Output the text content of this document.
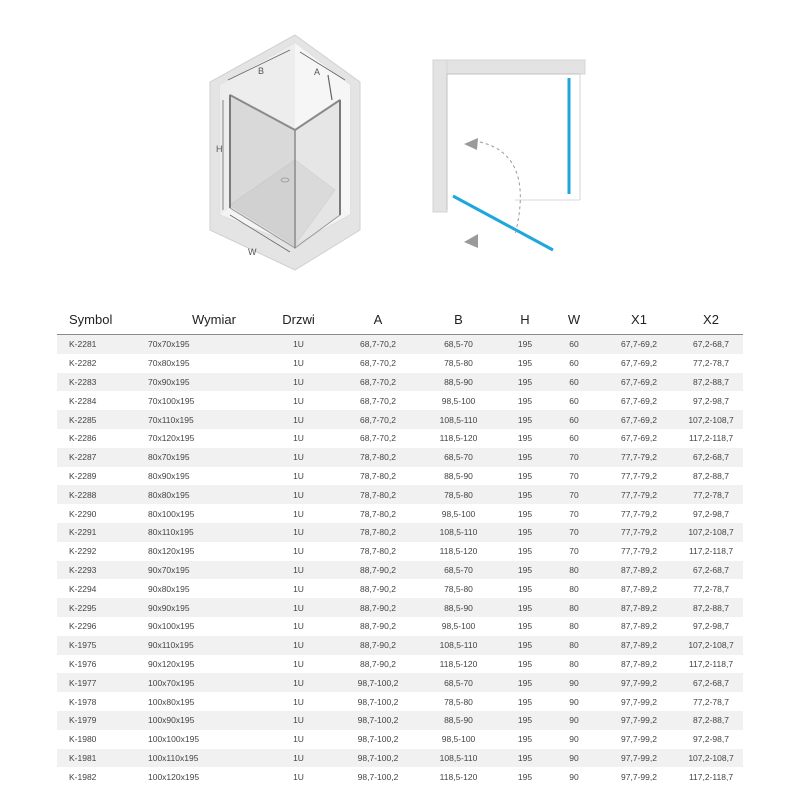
B	A
H
W
Symbol	Wymiar	Drzwi	A	B	H	W	X1	X2
K-2281	70x70x195	1U	68,7-70,2	68,5-70	195	60	67,7-69,2	67,2-68,7
K-2282	70x80x195	1U	68,7-70,2	78,5-80	195	60	67,7-69,2	77,2-78,7
K-2283	70x90x195	1U	68,7-70,2	88,5-90	195	60	67,7-69,2	87,2-88,7
K-2284	70x100x195	1U	68,7-70,2	98,5-100	195	60	67,7-69,2	97,2-98,7
K-2285	70x110x195	1U	68,7-70,2	108,5-110	195	60	67,7-69,2	107,2-108,7
K-2286	70x120x195	1U	68,7-70,2	118,5-120	195	60	67,7-69,2	117,2-118,7
K-2287	80x70x195	1U	78,7-80,2	68,5-70	195	70	77,7-79,2	67,2-68,7
K-2289	80x90x195	1U	78,7-80,2	88,5-90	195	70	77,7-79,2	87,2-88,7
K-2288	80x80x195	1U	78,7-80,2	78,5-80	195	70	77,7-79,2	77,2-78,7
K-2290	80x100x195	1U	78,7-80,2	98,5-100	195	70	77,7-79,2	97,2-98,7
K-2291	80x110x195	1U	78,7-80,2	108,5-110	195	70	77,7-79,2	107,2-108,7
K-2292	80x120x195	1U	78,7-80,2	118,5-120	195	70	77,7-79,2	117,2-118,7
K-2293	90x70x195	1U	88,7-90,2	68,5-70	195	80	87,7-89,2	67,2-68,7
K-2294	90x80x195	1U	88,7-90,2	78,5-80	195	80	87,7-89,2	77,2-78,7
K-2295	90x90x195	1U	88,7-90,2	88,5-90	195	80	87,7-89,2	87,2-88,7
K-2296	90x100x195	1U	88,7-90,2	98,5-100	195	80	87,7-89,2	97,2-98,7
K-1975	90x110x195	1U	88,7-90,2	108,5-110	195	80	87,7-89,2	107,2-108,7
K-1976	90x120x195	1U	88,7-90,2	118,5-120	195	80	87,7-89,2	117,2-118,7
K-1977	100x70x195	1U	98,7-100,2	68,5-70	195	90	97,7-99,2	67,2-68,7
K-1978	100x80x195	1U	98,7-100,2	78,5-80	195	90	97,7-99,2	77,2-78,7
K-1979	100x90x195	1U	98,7-100,2	88,5-90	195	90	97,7-99,2	87,2-88,7
K-1980	100x100x195	1U	98,7-100,2	98,5-100	195	90	97,7-99,2	97,2-98,7
K-1981	100x110x195	1U	98,7-100,2	108,5-110	195	90	97,7-99,2	107,2-108,7
K-1982	100x120x195	1U	98,7-100,2	118,5-120	195	90	97,7-99,2	117,2-118,7
